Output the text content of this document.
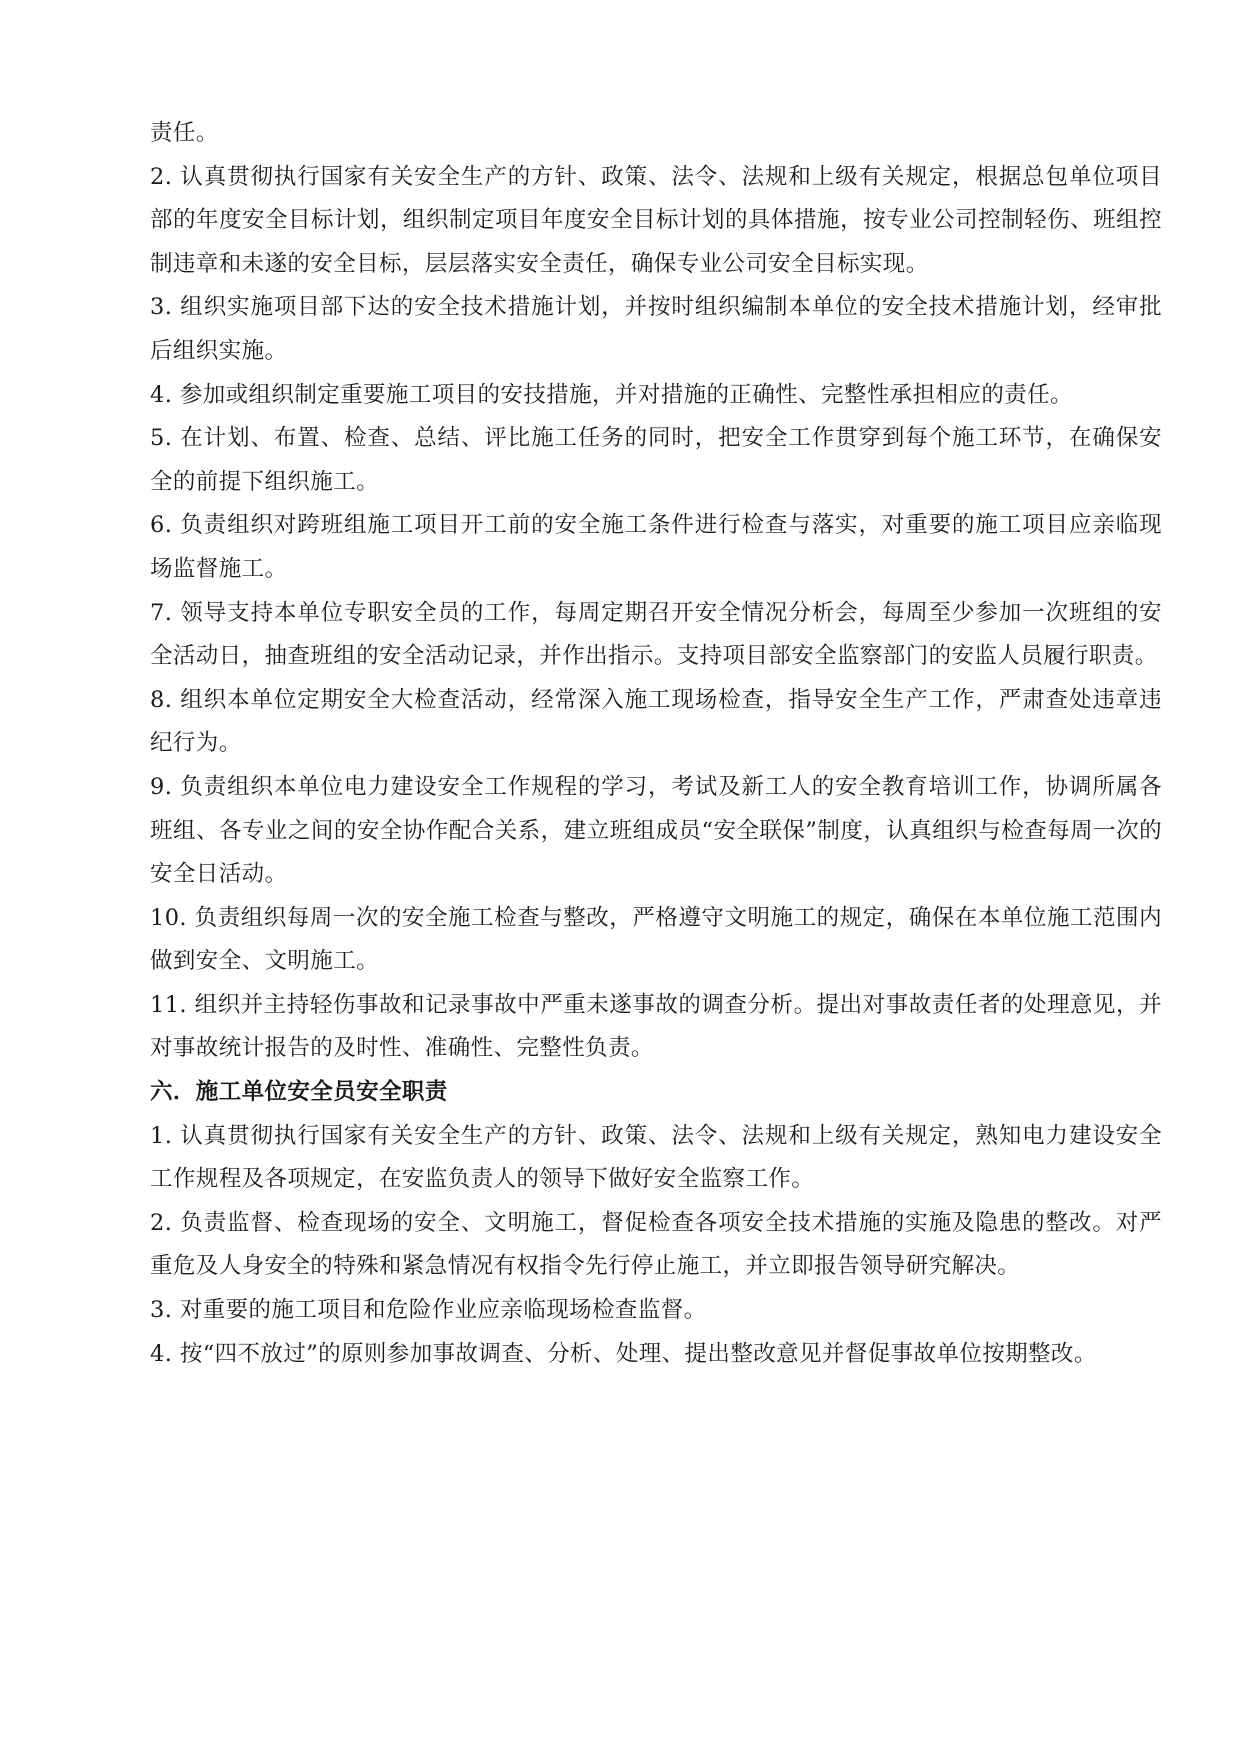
责任。

2. 认真贯彻执行国家有关安全生产的方针、政策、法令、法规和上级有关规定，根据总包单位项目部的年度安全目标计划，组织制定项目年度安全目标计划的具体措施，按专业公司控制轻伤、班组控制违章和未遂的安全目标，层层落实安全责任，确保专业公司安全目标实现。

3. 组织实施项目部下达的安全技术措施计划，并按时组织编制本单位的安全技术措施计划，经审批后组织实施。

4. 参加或组织制定重要施工项目的安技措施，并对措施的正确性、完整性承担相应的责任。

5. 在计划、布置、检查、总结、评比施工任务的同时，把安全工作贯穿到每个施工环节，在确保安全的前提下组织施工。

6. 负责组织对跨班组施工项目开工前的安全施工条件进行检查与落实，对重要的施工项目应亲临现场监督施工。

7. 领导支持本单位专职安全员的工作，每周定期召开安全情况分析会，每周至少参加一次班组的安全活动日，抽查班组的安全活动记录，并作出指示。支持项目部安全监察部门的安监人员履行职责。

8. 组织本单位定期安全大检查活动，经常深入施工现场检查，指导安全生产工作，严肃查处违章违纪行为。

9. 负责组织本单位电力建设安全工作规程的学习，考试及新工人的安全教育培训工作，协调所属各班组、各专业之间的安全协作配合关系，建立班组成员“安全联保”制度，认真组织与检查每周一次的安全日活动。

10. 负责组织每周一次的安全施工检查与整改，严格遵守文明施工的规定，确保在本单位施工范围内做到安全、文明施工。

11. 组织并主持轻伤事故和记录事故中严重未遂事故的调查分析。提出对事故责任者的处理意见，并对事故统计报告的及时性、准确性、完整性负责。

六．施工单位安全员安全职责

1. 认真贯彻执行国家有关安全生产的方针、政策、法令、法规和上级有关规定，熟知电力建设安全工作规程及各项规定，在安监负责人的领导下做好安全监察工作。

2. 负责监督、检查现场的安全、文明施工，督促检查各项安全技术措施的实施及隐患的整改。对严重危及人身安全的特殊和紧急情况有权指令先行停止施工，并立即报告领导研究解决。

3. 对重要的施工项目和危险作业应亲临现场检查监督。

4. 按“四不放过”的原则参加事故调查、分析、处理、提出整改意见并督促事故单位按期整改。
